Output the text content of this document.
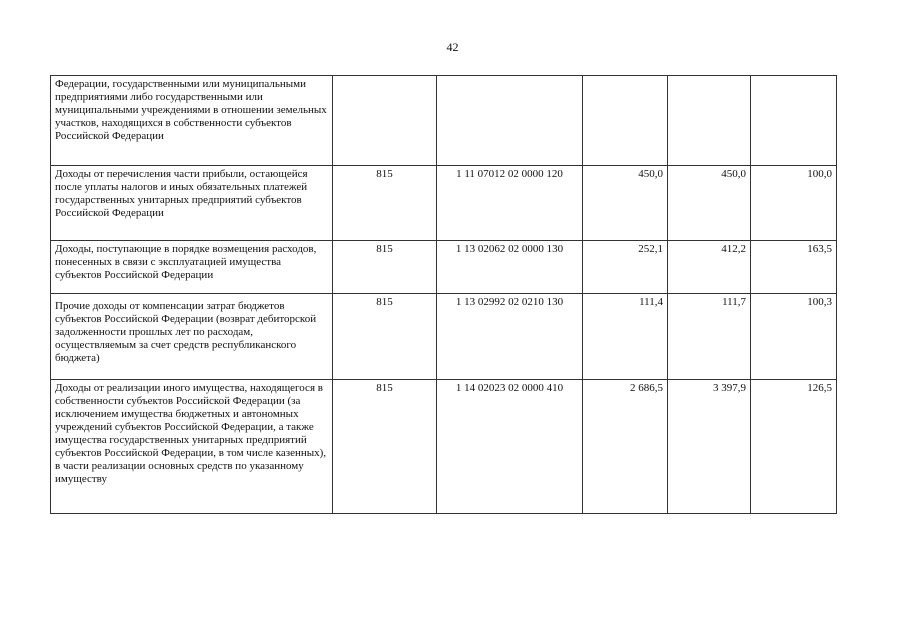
42
Федерации, государственными или муниципальными предприятиями либо государственными или муниципальными учреждениями в отношении земельных участков, находящихся в собственности субъектов Российской Федерации					
Доходы от перечисления части прибыли, остающейся после уплаты налогов и иных обязательных платежей государственных унитарных предприятий субъектов Российской Федерации	815	1 11 07012 02 0000 120	450,0	450,0	100,0
Доходы, поступающие в порядке возмещения расходов, понесенных в связи с эксплуатацией имущества субъектов Российской Федерации	815	1 13 02062 02 0000 130	252,1	412,2	163,5
Прочие доходы от компенсации затрат бюджетов субъектов Российской Федерации (возврат дебиторской задолженности прошлых лет по расходам, осуществляемым за счет средств республиканского бюджета)	815	1 13 02992 02 0210 130	111,4	111,7	100,3
Доходы от реализации иного имущества, находящегося в собственности субъектов Российской Федерации (за исключением имущества бюджетных и автономных учреждений субъектов Российской Федерации, а также имущества государственных унитарных предприятий субъектов Российской Федерации, в том числе казенных), в части реализации основных средств по указанному имуществу	815	1 14 02023 02 0000 410	2 686,5	3 397,9	126,5
